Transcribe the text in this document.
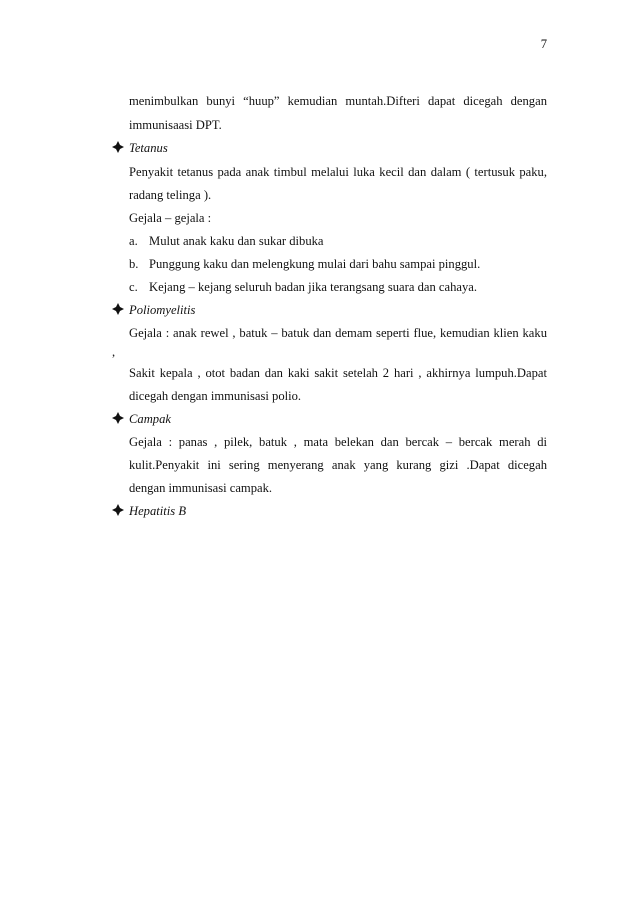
7
menimbulkan bunyi “huup” kemudian muntah.Difteri dapat dicegah dengan
immunisaasi DPT.
Tetanus
Penyakit tetanus pada anak timbul melalui luka kecil dan dalam ( tertusuk paku,
radang telinga ).
Gejala – gejala :
a. Mulut anak kaku dan sukar dibuka
b. Punggung kaku dan melengkung mulai dari bahu sampai pinggul.
c. Kejang – kejang seluruh badan jika terangsang suara dan cahaya.
Poliomyelitis
Gejala : anak rewel , batuk – batuk dan demam seperti flue, kemudian klien kaku
,
Sakit kepala , otot badan dan kaki sakit setelah 2 hari , akhirnya lumpuh.Dapat
dicegah dengan immunisasi polio.
Campak
Gejala : panas , pilek, batuk , mata belekan dan bercak – bercak merah di
kulit.Penyakit ini sering menyerang anak yang kurang gizi .Dapat dicegah
dengan immunisasi campak.
Hepatitis B
